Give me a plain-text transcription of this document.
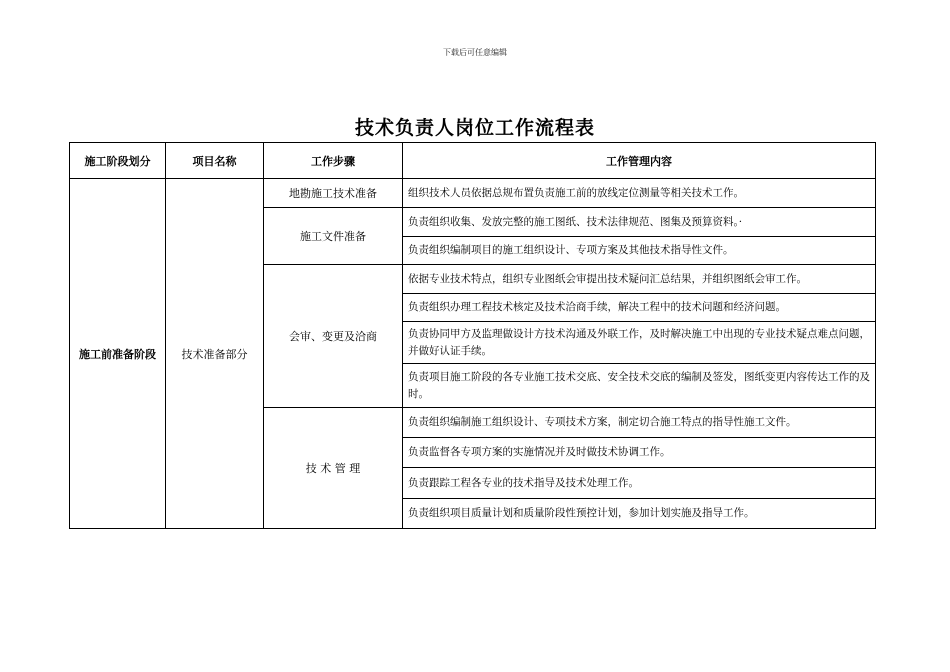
下载后可任意编辑
技术负责人岗位工作流程表
施工阶段划分	项目名称	工作步骤	工作管理内容
施工前准备阶段	技术准备部分	地勘施工技术准备	组织技术人员依据总规布置负责施工前的放线定位测量等相关技术工作。
		施工文件准备	负责组织收集、发放完整的施工图纸、技术法律规范、图集及预算资料。·
			负责组织编制项目的施工组织设计、专项方案及其他技术指导性文件。
		会审、变更及洽商	依据专业技术特点，组织专业图纸会审提出技术疑问汇总结果，并组织图纸会审工作。
			负责组织办理工程技术核定及技术洽商手续，解决工程中的技术问题和经济问题。
			负责协同甲方及监理做设计方技术沟通及外联工作，及时解决施工中出现的专业技术疑点难点问题，并做好认证手续。
			负责项目施工阶段的各专业施工技术交底、安全技术交底的编制及签发，图纸变更内容传达工作的及时。
		技 术 管 理	负责组织编制施工组织设计、专项技术方案，制定切合施工特点的指导性施工文件。
			负责监督各专项方案的实施情况并及时做技术协调工作。
			负责跟踪工程各专业的技术指导及技术处理工作。
			负责组织项目质量计划和质量阶段性预控计划，参加计划实施及指导工作。
